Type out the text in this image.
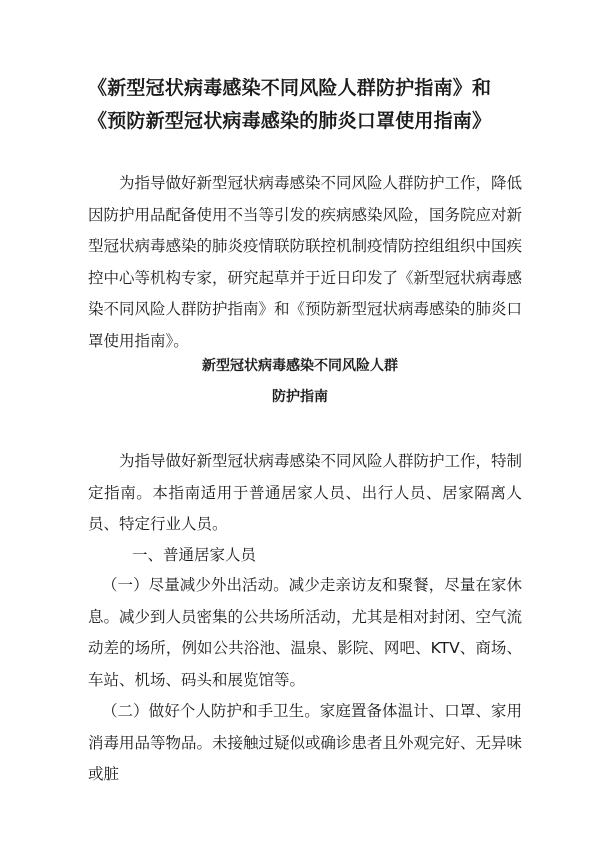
《新型冠状病毒感染不同风险人群防护指南》和《预防新型冠状病毒感染的肺炎口罩使用指南》

为指导做好新型冠状病毒感染不同风险人群防护工作，降低因防护用品配备使用不当等引发的疾病感染风险，国务院应对新型冠状病毒感染的肺炎疫情联防联控机制疫情防控组组织中国疾控中心等机构专家，研究起草并于近日印发了《新型冠状病毒感染不同风险人群防护指南》和《预防新型冠状病毒感染的肺炎口罩使用指南》。

新型冠状病毒感染不同风险人群
防护指南

为指导做好新型冠状病毒感染不同风险人群防护工作，特制定指南。本指南适用于普通居家人员、出行人员、居家隔离人员、特定行业人员。

一、普通居家人员

（一）尽量减少外出活动。减少走亲访友和聚餐，尽量在家休息。减少到人员密集的公共场所活动，尤其是相对封闭、空气流动差的场所，例如公共浴池、温泉、影院、网吧、KTV、商场、车站、机场、码头和展览馆等。

（二）做好个人防护和手卫生。家庭置备体温计、口罩、家用消毒用品等物品。未接触过疑似或确诊患者且外观完好、无异味或脏
